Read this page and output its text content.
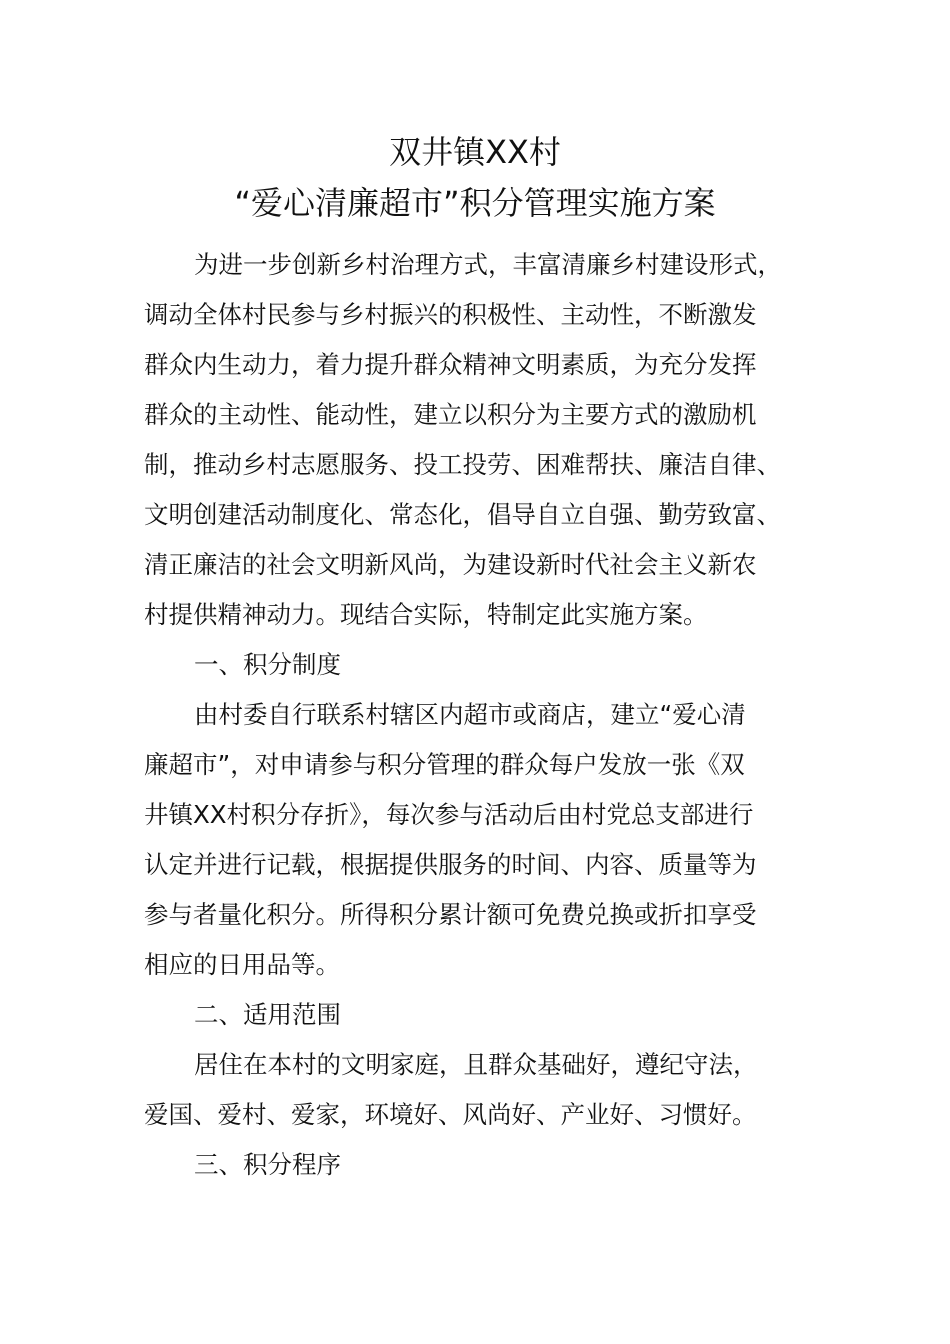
双井镇XX村
“爱心清廉超市”积分管理实施方案
为进一步创新乡村治理方式，丰富清廉乡村建设形式，
调动全体村民参与乡村振兴的积极性、主动性，不断激发
群众内生动力，着力提升群众精神文明素质，为充分发挥
群众的主动性、能动性，建立以积分为主要方式的激励机
制，推动乡村志愿服务、投工投劳、困难帮扶、廉洁自律、
文明创建活动制度化、常态化，倡导自立自强、勤劳致富、
清正廉洁的社会文明新风尚，为建设新时代社会主义新农
村提供精神动力。现结合实际，特制定此实施方案。
一、积分制度
由村委自行联系村辖区内超市或商店，建立“爱心清
廉超市”，对申请参与积分管理的群众每户发放一张《双
井镇XX村积分存折》，每次参与活动后由村党总支部进行
认定并进行记载，根据提供服务的时间、内容、质量等为
参与者量化积分。所得积分累计额可免费兑换或折扣享受
相应的日用品等。
二、适用范围
居住在本村的文明家庭，且群众基础好，遵纪守法，
爱国、爱村、爱家，环境好、风尚好、产业好、习惯好。
三、积分程序
